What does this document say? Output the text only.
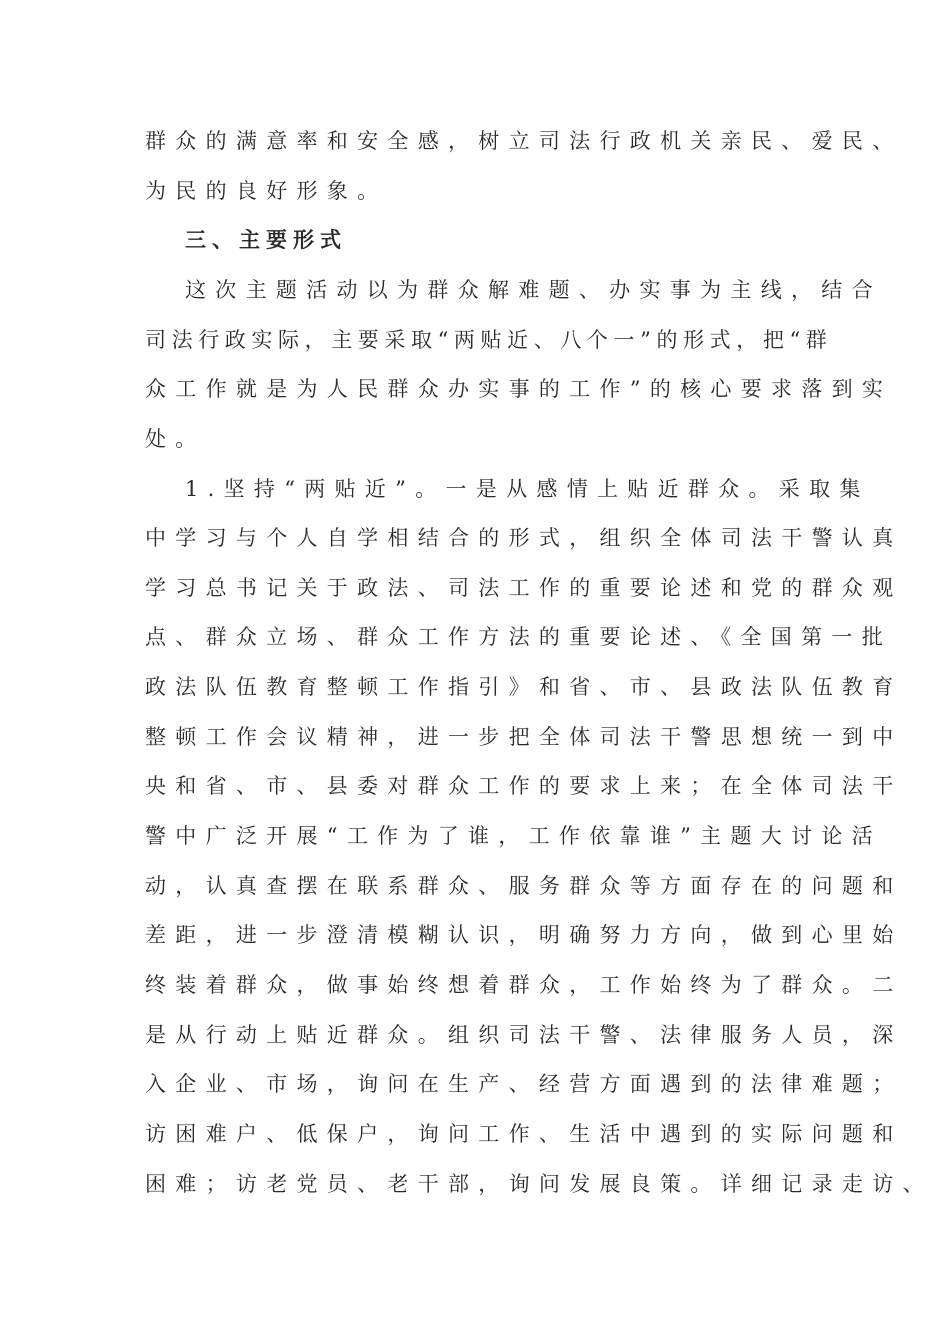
群众的满意率和安全感，树立司法行政机关亲民、爱民、
为民的良好形象。
三、主要形式
这次主题活动以为群众解难题、办实事为主线，结合
司法行政实际，主要采取“两贴近、八个一”的形式，把“群
众工作就是为人民群众办实事的工作”的核心要求落到实
处。
1.坚持“两贴近”。一是从感情上贴近群众。采取集
中学习与个人自学相结合的形式，组织全体司法干警认真
学习总书记关于政法、司法工作的重要论述和党的群众观
点、群众立场、群众工作方法的重要论述、《全国第一批
政法队伍教育整顿工作指引》和省、市、县政法队伍教育
整顿工作会议精神，进一步把全体司法干警思想统一到中
央和省、市、县委对群众工作的要求上来；在全体司法干
警中广泛开展“工作为了谁，工作依靠谁”主题大讨论活
动，认真查摆在联系群众、服务群众等方面存在的问题和
差距，进一步澄清模糊认识，明确努力方向，做到心里始
终装着群众，做事始终想着群众，工作始终为了群众。二
是从行动上贴近群众。组织司法干警、法律服务人员，深
入企业、市场，询问在生产、经营方面遇到的法律难题；
访困难户、低保户，询问工作、生活中遇到的实际问题和
困难；访老党员、老干部，询问发展良策。详细记录走访、
